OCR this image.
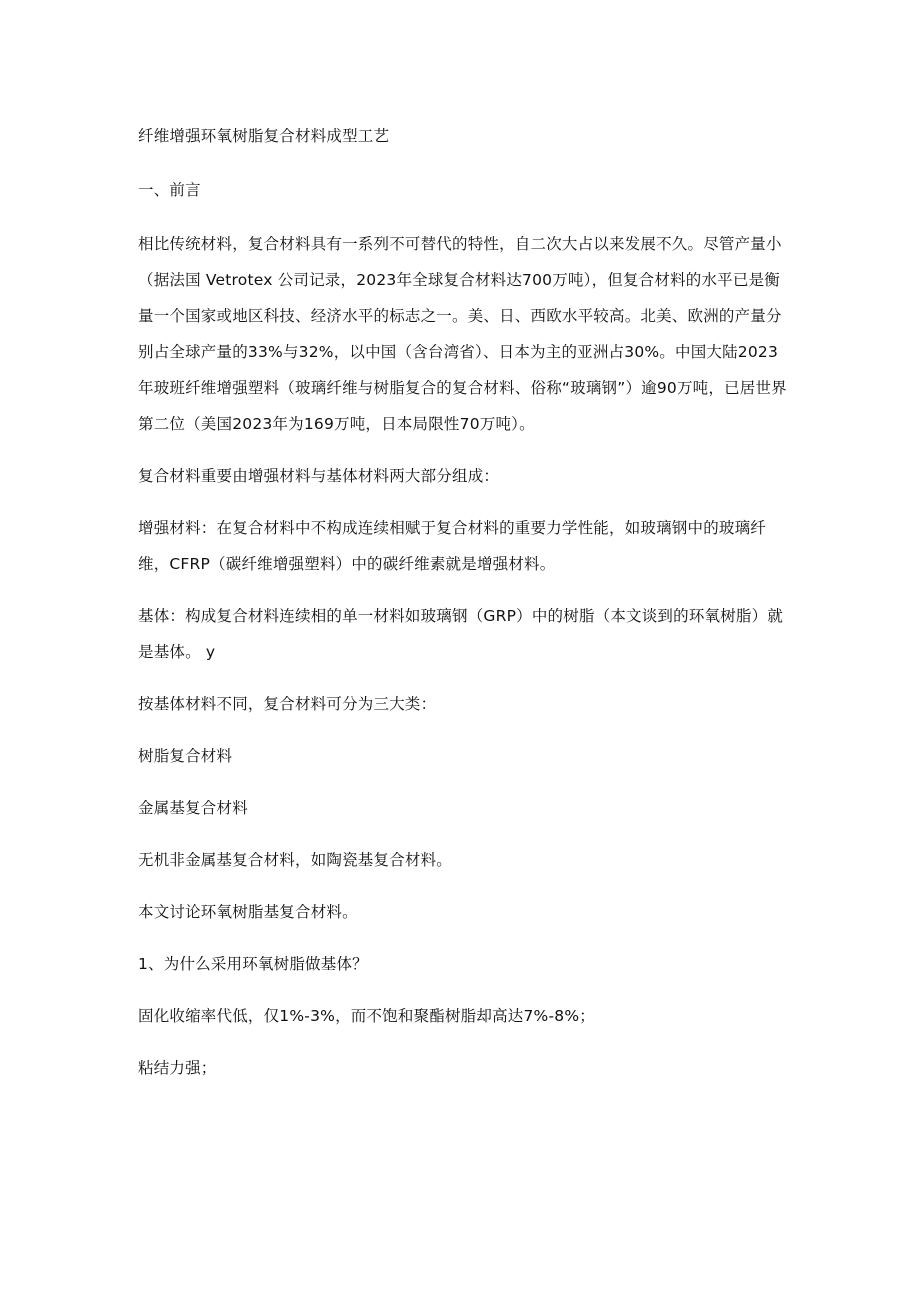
纤维增强环氧树脂复合材料成型工艺

一、前言

相比传统材料，复合材料具有一系列不可替代的特性，自二次大占以来发展不久。尽管产量小（据法国 Vetrotex 公司记录，2023年全球复合材料达700万吨），但复合材料的水平已是衡量一个国家或地区科技、经济水平的标志之一。美、日、西欧水平较高。北美、欧洲的产量分别占全球产量的33%与32%，以中国（含台湾省）、日本为主的亚洲占30%。中国大陆2023年玻班纤维增强塑料（玻璃纤维与树脂复合的复合材料、俗称“玻璃钢”）逾90万吨，已居世界第二位（美国2023年为169万吨，日本局限性70万吨）。

复合材料重要由增强材料与基体材料两大部分组成：

增强材料：在复合材料中不构成连续相赋于复合材料的重要力学性能，如玻璃钢中的玻璃纤维，CFRP（碳纤维增强塑料）中的碳纤维素就是增强材料。

基体：构成复合材料连续相的单一材料如玻璃钢（GRP）中的树脂（本文谈到的环氧树脂）就是基体。 y

按基体材料不同，复合材料可分为三大类：

树脂复合材料

金属基复合材料

无机非金属基复合材料，如陶瓷基复合材料。

本文讨论环氧树脂基复合材料。

1、为什么采用环氧树脂做基体？

固化收缩率代低，仅1%-3%，而不饱和聚酯树脂却高达7%-8%；

粘结力强；
